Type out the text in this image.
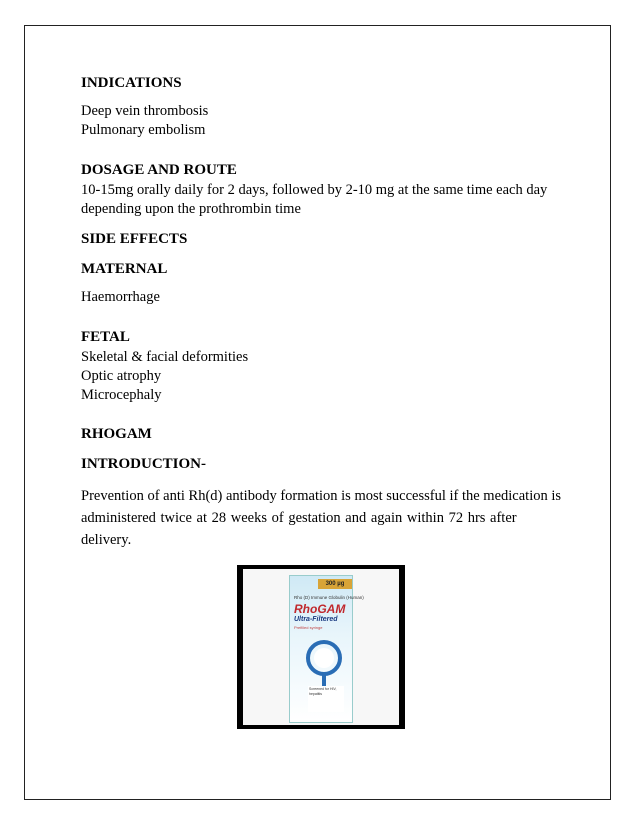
INDICATIONS
Deep vein thrombosis
Pulmonary embolism
DOSAGE AND ROUTE
10-15mg orally daily for 2 days, followed by 2-10 mg at the same time each day
depending upon the prothrombin time
SIDE EFFECTS
MATERNAL
Haemorrhage
FETAL
Skeletal & facial deformities
Optic atrophy
Microcephaly
RHOGAM
INTRODUCTION-
Prevention of anti Rh(d) antibody formation is most successful if the medication is
administered twice at 28 weeks of gestation and again within 72 hrs after delivery.
300 µg
Rho (D) Immune Globulin (Human)
RhoGAM
Ultra-Filtered
Prefilled syringe
Screened for HIV, hepatitis
